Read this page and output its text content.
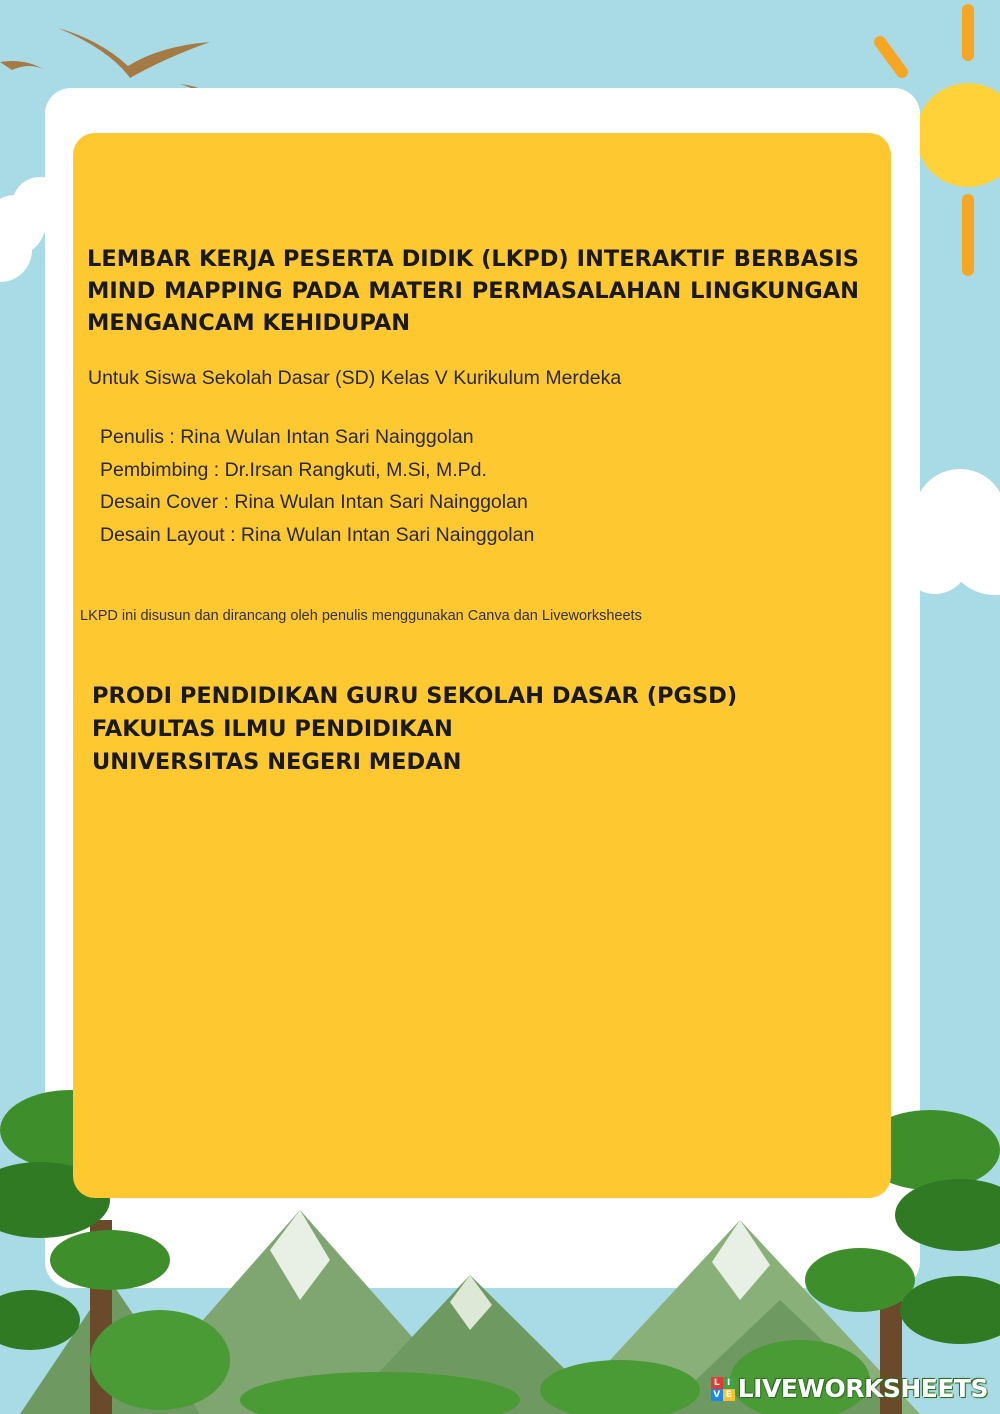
LEMBAR KERJA PESERTA DIDIK (LKPD) INTERAKTIF BERBASIS MIND MAPPING PADA MATERI PERMASALAHAN LINGKUNGAN MENGANCAM KEHIDUPAN

Untuk Siswa Sekolah Dasar (SD) Kelas V Kurikulum Merdeka
Penulis : Rina Wulan Intan Sari Nainggolan
Pembimbing : Dr.Irsan Rangkuti, M.Si, M.Pd.
Desain Cover : Rina Wulan Intan Sari Nainggolan
Desain Layout : Rina Wulan Intan Sari Nainggolan
LKPD ini disusun dan dirancang oleh penulis menggunakan Canva dan Liveworksheets
PRODI PENDIDIKAN GURU SEKOLAH DASAR (PGSD)
FAKULTAS ILMU PENDIDIKAN
UNIVERSITAS NEGERI MEDAN
L I
V E LIVEWORKSHEETS
